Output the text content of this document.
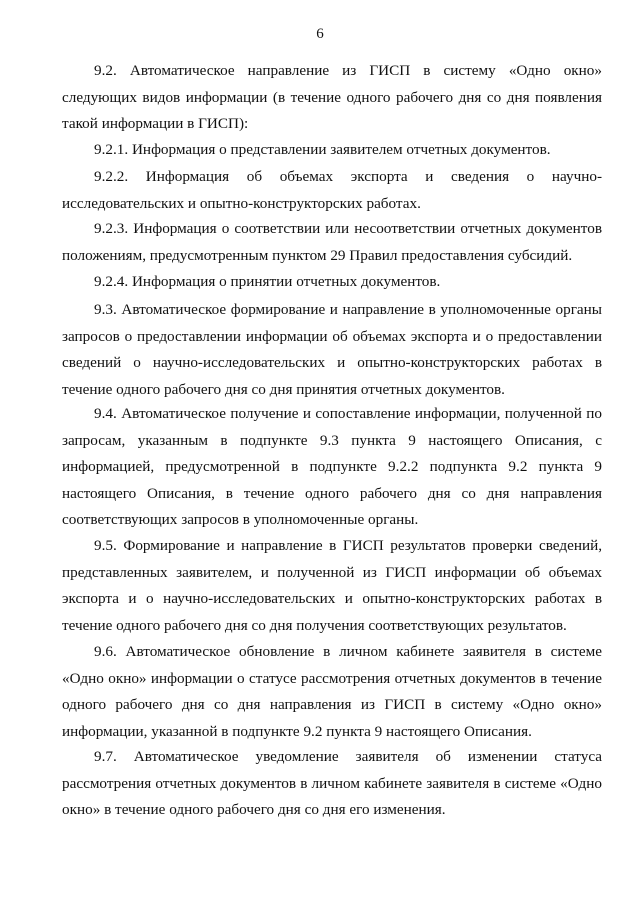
6

9.2. Автоматическое направление из ГИСП в систему «Одно окно» следующих видов информации (в течение одного рабочего дня со дня появления такой информации в ГИСП):

9.2.1. Информация о представлении заявителем отчетных документов.

9.2.2. Информация об объемах экспорта и сведения о научно-исследовательских и опытно-конструкторских работах.

9.2.3. Информация о соответствии или несоответствии отчетных документов положениям, предусмотренным пунктом 29 Правил предоставления субсидий.

9.2.4. Информация о принятии отчетных документов.

9.3. Автоматическое формирование и направление в уполномоченные органы запросов о предоставлении информации об объемах экспорта и о предоставлении сведений о научно-исследовательских и опытно-конструкторских работах в течение одного рабочего дня со дня принятия отчетных документов.

9.4. Автоматическое получение и сопоставление информации, полученной по запросам, указанным в подпункте 9.3 пункта 9 настоящего Описания, с информацией, предусмотренной в подпункте 9.2.2 подпункта 9.2 пункта 9 настоящего Описания, в течение одного рабочего дня со дня направления соответствующих запросов в уполномоченные органы.

9.5. Формирование и направление в ГИСП результатов проверки сведений, представленных заявителем, и полученной из ГИСП информации об объемах экспорта и о научно-исследовательских и опытно-конструкторских работах в течение одного рабочего дня со дня получения соответствующих результатов.

9.6. Автоматическое обновление в личном кабинете заявителя в системе «Одно окно» информации о статусе рассмотрения отчетных документов в течение одного рабочего дня со дня направления из ГИСП в систему «Одно окно» информации, указанной в подпункте 9.2 пункта 9 настоящего Описания.

9.7. Автоматическое уведомление заявителя об изменении статуса рассмотрения отчетных документов в личном кабинете заявителя в системе «Одно окно» в течение одного рабочего дня со дня его изменения.
